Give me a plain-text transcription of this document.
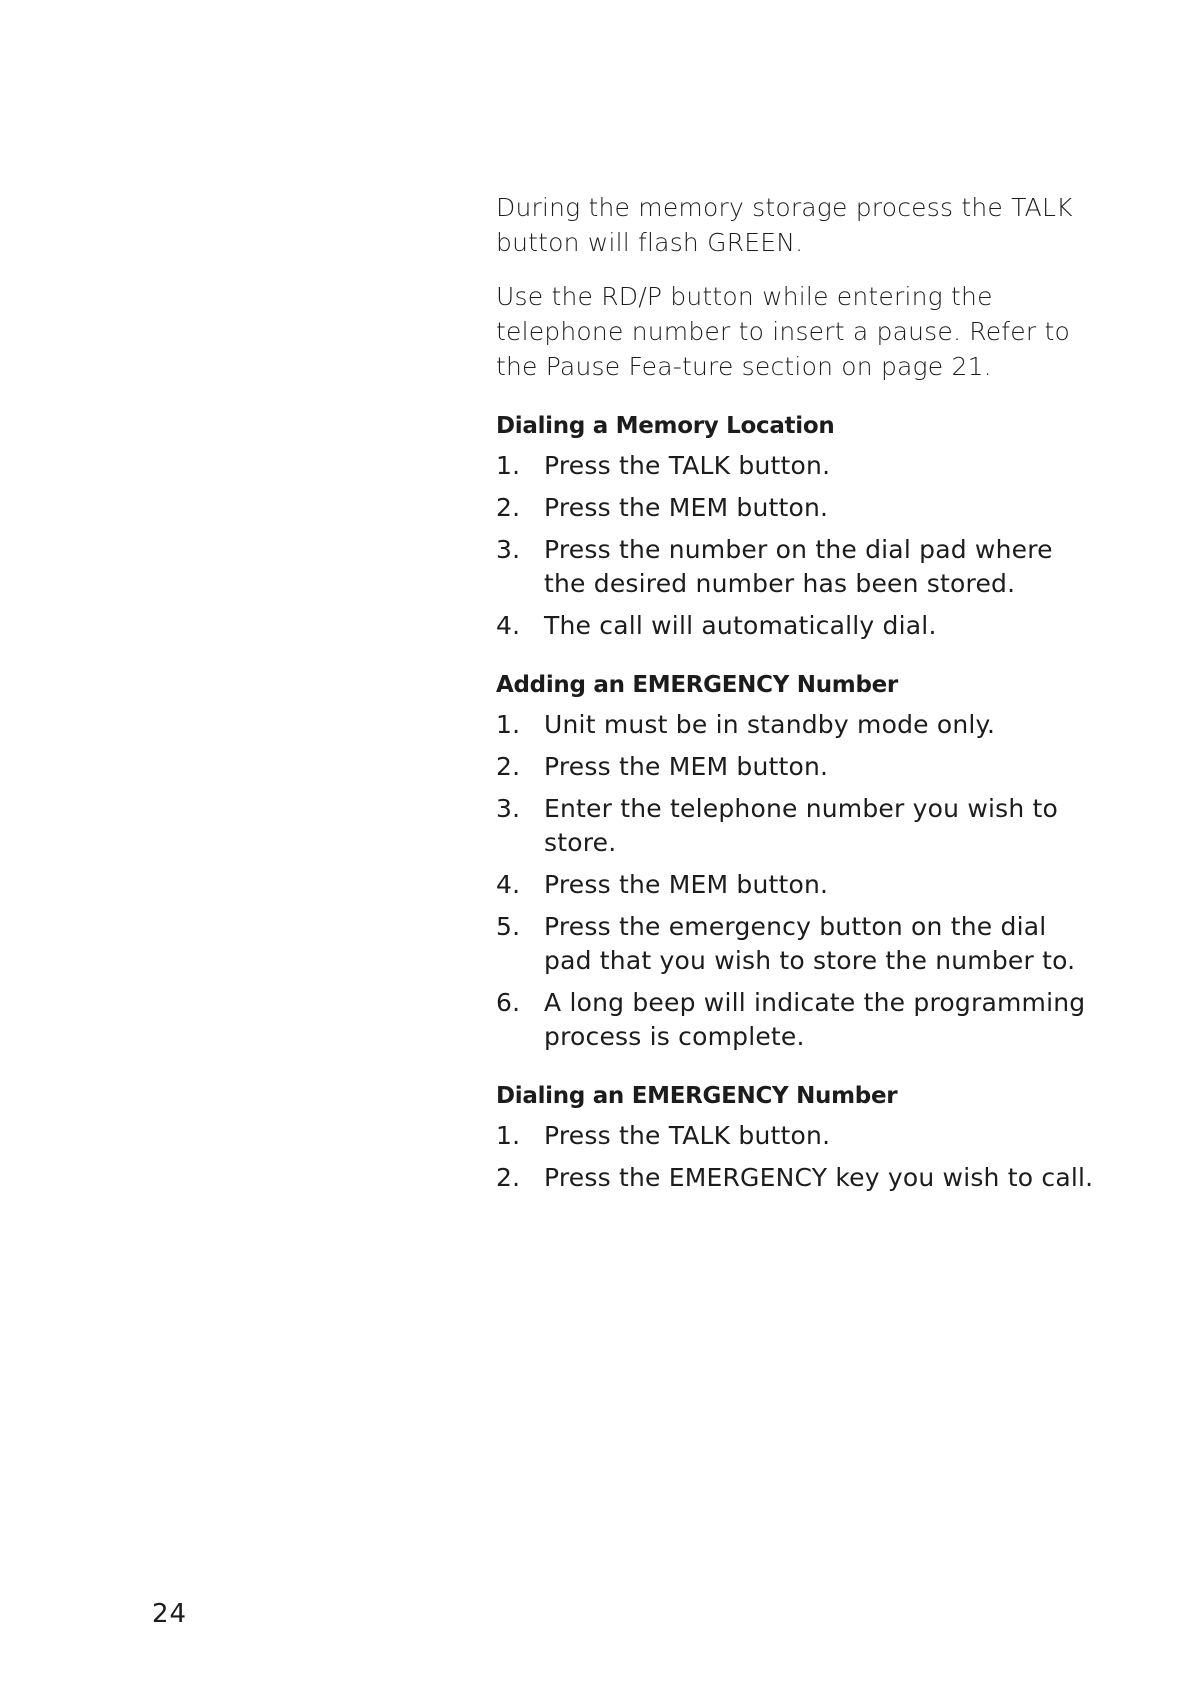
During the memory storage process the TALK button will flash GREEN.

Use the RD/P button while entering the telephone number to insert a pause. Refer to the Pause Fea-ture section on page 21.

Dialing a Memory Location
1. Press the TALK button.
2. Press the MEM button.
3. Press the number on the dial pad where the desired number has been stored.
4. The call will automatically dial.
Adding an EMERGENCY Number
1. Unit must be in standby mode only.
2. Press the MEM button.
3. Enter the telephone number you wish to store.
4. Press the MEM button.
5. Press the emergency button on the dial pad that you wish to store the number to.
6. A long beep will indicate the programming process is complete.
Dialing an EMERGENCY Number
1. Press the TALK button.
2. Press the EMERGENCY key you wish to call.
24
